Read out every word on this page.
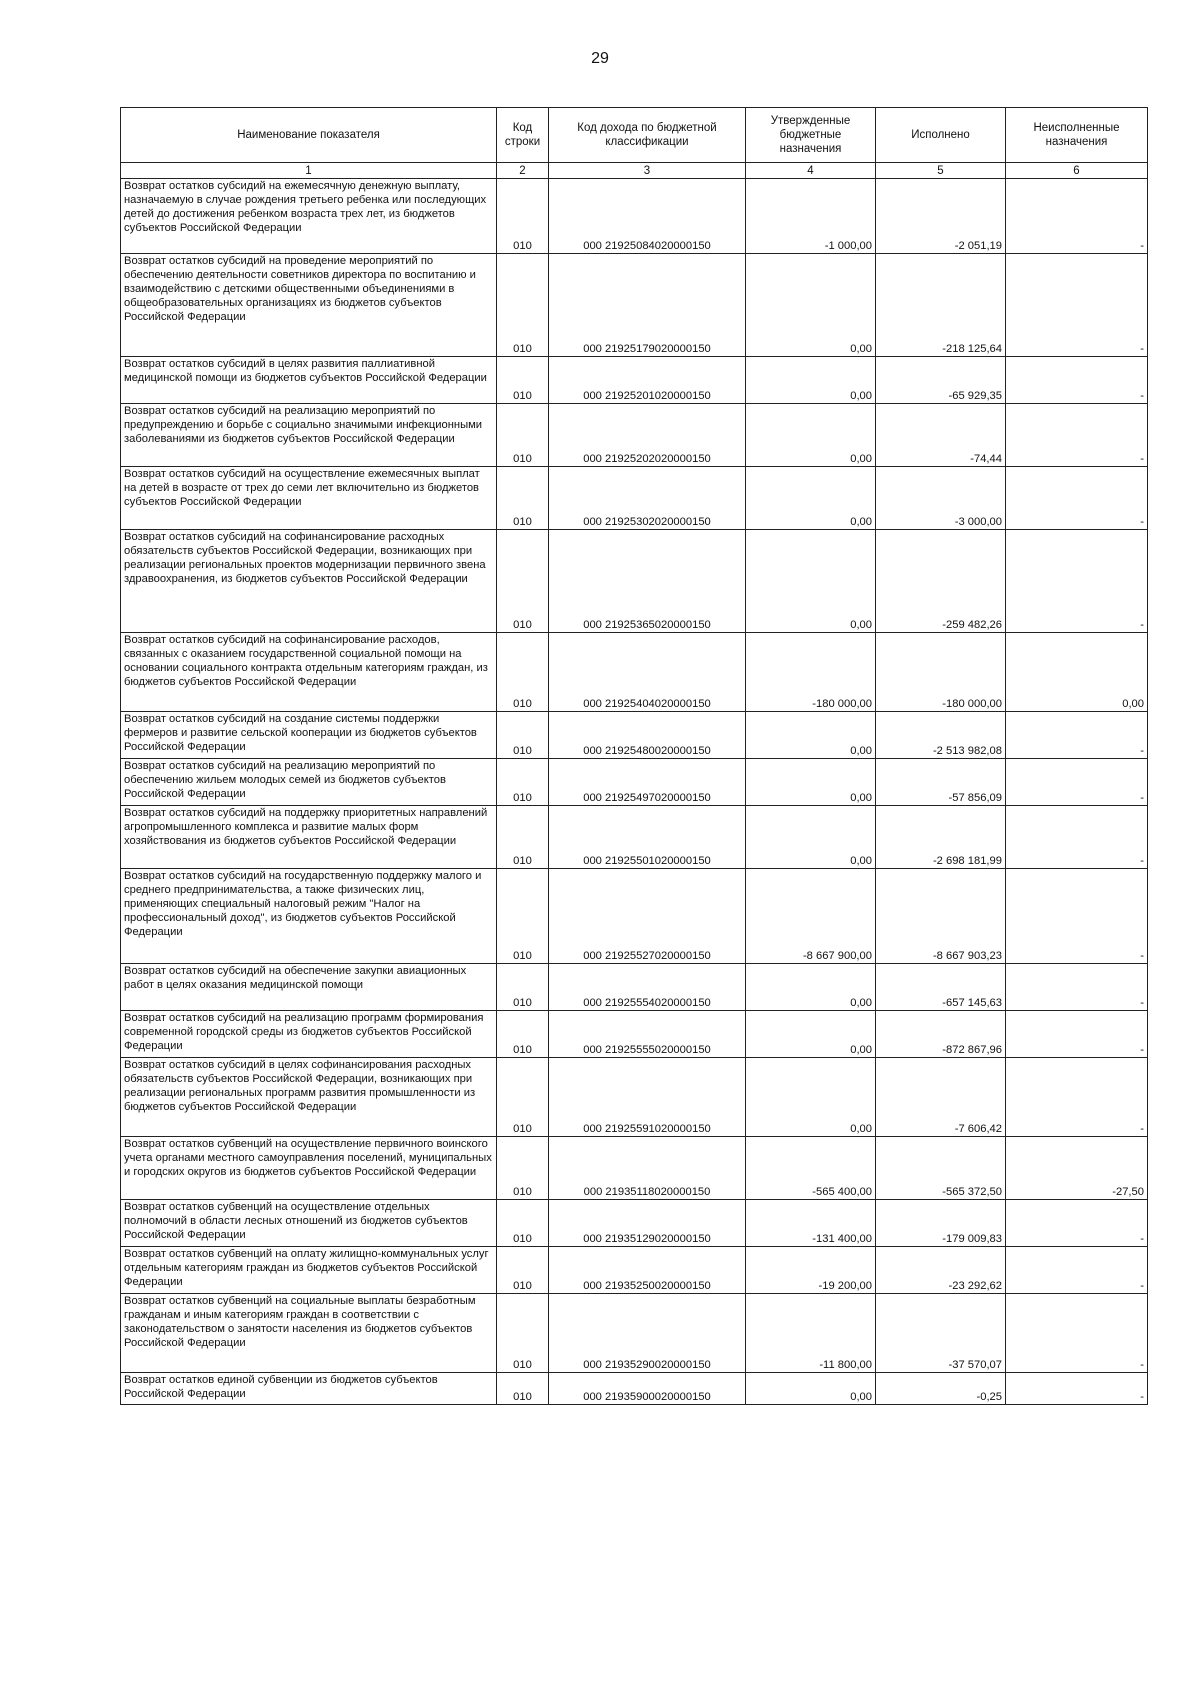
29
Наименование показателя	Код строки	Код дохода по бюджетной классификации	Утвержденные бюджетные назначения	Исполнено	Неисполненные назначения
1	2	3	4	5	6
Возврат остатков субсидий на ежемесячную денежную выплату, назначаемую в случае рождения третьего ребенка или последующих детей до достижения ребенком возраста трех лет, из бюджетов субъектов Российской Федерации	010	000 21925084020000150	-1 000,00	-2 051,19	-
Возврат остатков субсидий на проведение мероприятий по обеспечению деятельности советников директора по воспитанию и взаимодействию с детскими общественными объединениями в общеобразовательных организациях из бюджетов субъектов Российской Федерации	010	000 21925179020000150	0,00	-218 125,64	-
Возврат остатков субсидий в целях развития паллиативной медицинской помощи из бюджетов субъектов Российской Федерации	010	000 21925201020000150	0,00	-65 929,35	-
Возврат остатков субсидий на реализацию мероприятий по предупреждению и борьбе с социально значимыми инфекционными заболеваниями из бюджетов субъектов Российской Федерации	010	000 21925202020000150	0,00	-74,44	-
Возврат остатков субсидий на осуществление ежемесячных выплат на детей в возрасте от трех до семи лет включительно из бюджетов субъектов Российской Федерации	010	000 21925302020000150	0,00	-3 000,00	-
Возврат остатков субсидий на софинансирование расходных обязательств субъектов Российской Федерации, возникающих при реализации региональных проектов модернизации первичного звена здравоохранения, из бюджетов субъектов Российской Федерации	010	000 21925365020000150	0,00	-259 482,26	-
Возврат остатков субсидий на софинансирование расходов, связанных с оказанием государственной социальной помощи на основании социального контракта отдельным категориям граждан, из бюджетов субъектов Российской Федерации	010	000 21925404020000150	-180 000,00	-180 000,00	0,00
Возврат остатков субсидий на создание системы поддержки фермеров и развитие сельской кооперации из бюджетов субъектов Российской Федерации	010	000 21925480020000150	0,00	-2 513 982,08	-
Возврат остатков субсидий на реализацию мероприятий по обеспечению жильем молодых семей из бюджетов субъектов Российской Федерации	010	000 21925497020000150	0,00	-57 856,09	-
Возврат остатков субсидий на поддержку приоритетных направлений агропромышленного комплекса и развитие малых форм хозяйствования из бюджетов субъектов Российской Федерации	010	000 21925501020000150	0,00	-2 698 181,99	-
Возврат остатков субсидий на государственную поддержку малого и среднего предпринимательства, а также физических лиц, применяющих специальный налоговый режим "Налог на профессиональный доход", из бюджетов субъектов Российской Федерации	010	000 21925527020000150	-8 667 900,00	-8 667 903,23	-
Возврат остатков субсидий на обеспечение закупки авиационных работ в целях оказания медицинской помощи	010	000 21925554020000150	0,00	-657 145,63	-
Возврат остатков субсидий на реализацию программ формирования современной городской среды из бюджетов субъектов Российской Федерации	010	000 21925555020000150	0,00	-872 867,96	-
Возврат остатков субсидий в целях софинансирования расходных обязательств субъектов Российской Федерации, возникающих при реализации региональных программ развития промышленности из бюджетов субъектов Российской Федерации	010	000 21925591020000150	0,00	-7 606,42	-
Возврат остатков субвенций на осуществление первичного воинского учета органами местного самоуправления поселений, муниципальных и городских округов из бюджетов субъектов Российской Федерации	010	000 21935118020000150	-565 400,00	-565 372,50	-27,50
Возврат остатков субвенций на осуществление отдельных полномочий в области лесных отношений из бюджетов субъектов Российской Федерации	010	000 21935129020000150	-131 400,00	-179 009,83	-
Возврат остатков субвенций на оплату жилищно-коммунальных услуг отдельным категориям граждан из бюджетов субъектов Российской Федерации	010	000 21935250020000150	-19 200,00	-23 292,62	-
Возврат остатков субвенций на социальные выплаты безработным гражданам и иным категориям граждан в соответствии с законодательством о занятости населения из бюджетов субъектов Российской Федерации	010	000 21935290020000150	-11 800,00	-37 570,07	-
Возврат остатков единой субвенции из бюджетов субъектов Российской Федерации	010	000 21935900020000150	0,00	-0,25	-
